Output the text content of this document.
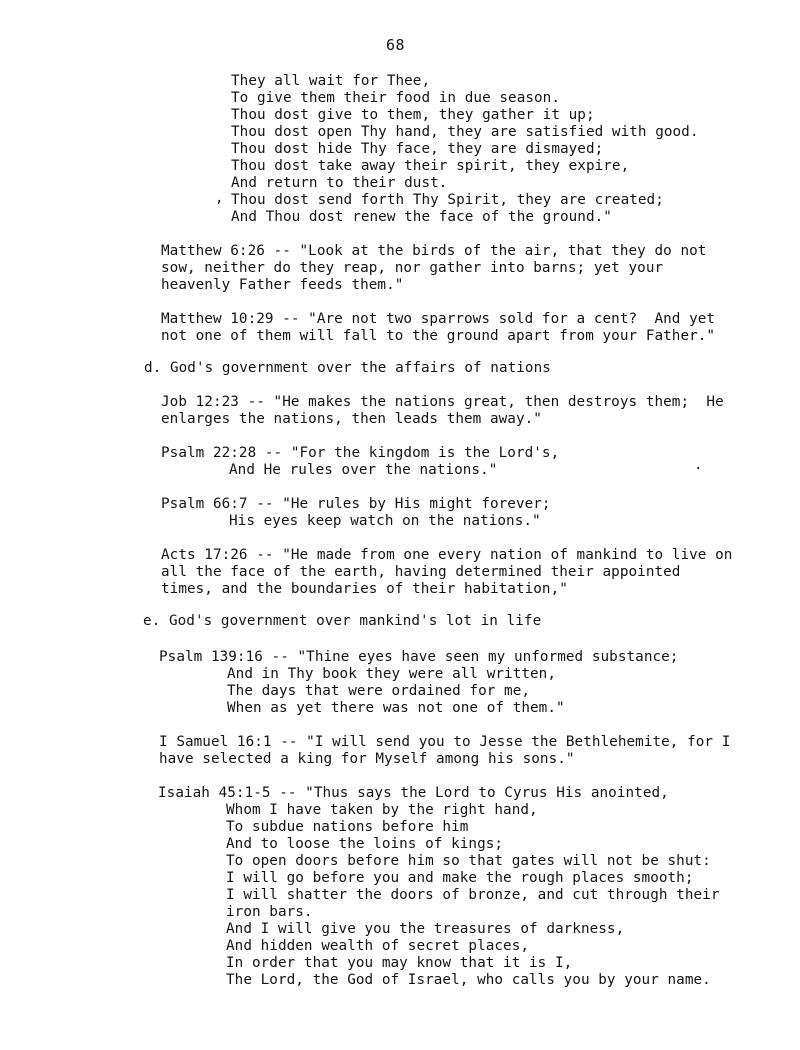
68
They all wait for Thee,
To give them their food in due season.
Thou dost give to them, they gather it up;
Thou dost open Thy hand, they are satisfied with good.
Thou dost hide Thy face, they are dismayed;
Thou dost take away their spirit, they expire,
And return to their dust.
‚ Thou dost send forth Thy Spirit, they are created;
And Thou dost renew the face of the ground."
Matthew 6:26 -- "Look at the birds of the air, that they do not
sow, neither do they reap, nor gather into barns; yet your
heavenly Father feeds them."
Matthew 10:29 -- "Are not two sparrows sold for a cent?  And yet
not one of them will fall to the ground apart from your Father."
d. God's government over the affairs of nations
Job 12:23 -- "He makes the nations great, then destroys them;  He
enlarges the nations, then leads them away."
Psalm 22:28 -- "For the kingdom is the Lord's,
And He rules over the nations."	·
Psalm 66:7 -- "He rules by His might forever;
His eyes keep watch on the nations."
Acts 17:26 -- "He made from one every nation of mankind to live on
all the face of the earth, having determined their appointed
times, and the boundaries of their habitation,"
e. God's government over mankind's lot in life
Psalm 139:16 -- "Thine eyes have seen my unformed substance;
And in Thy book they were all written,
The days that were ordained for me,
When as yet there was not one of them."
I Samuel 16:1 -- "I will send you to Jesse the Bethlehemite, for I
have selected a king for Myself among his sons."
Isaiah 45:1-5 -- "Thus says the Lord to Cyrus His anointed,
Whom I have taken by the right hand,
To subdue nations before him
And to loose the loins of kings;
To open doors before him so that gates will not be shut:
I will go before you and make the rough places smooth;
I will shatter the doors of bronze, and cut through their
iron bars.
And I will give you the treasures of darkness,
And hidden wealth of secret places,
In order that you may know that it is I,
The Lord, the God of Israel, who calls you by your name.
